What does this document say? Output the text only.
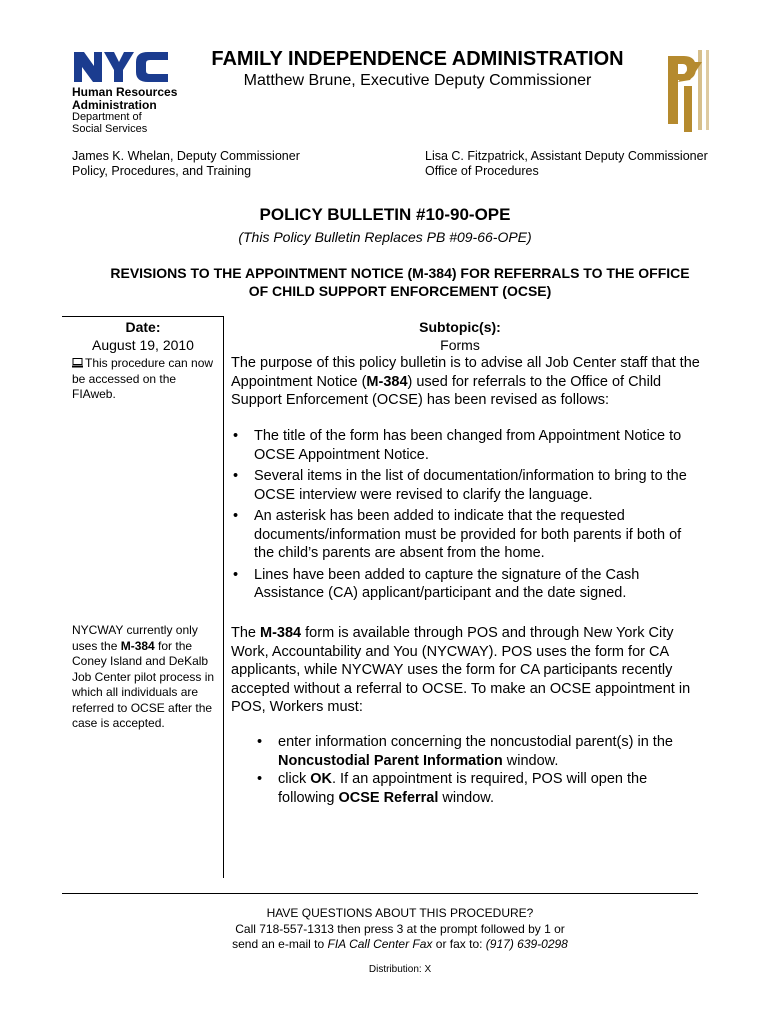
Human Resources
Administration
Department of
Social Services
FAMILY INDEPENDENCE ADMINISTRATION
Matthew Brune, Executive Deputy Commissioner
James K. Whelan, Deputy Commissioner
Policy, Procedures, and Training
Lisa C. Fitzpatrick, Assistant Deputy Commissioner
Office of Procedures
POLICY BULLETIN #10-90-OPE
(This Policy Bulletin Replaces PB #09-66-OPE)
REVISIONS TO THE APPOINTMENT NOTICE (M-384) FOR REFERRALS TO THE OFFICE
OF CHILD SUPPORT ENFORCEMENT (OCSE)
Date:
August 19, 2010
This procedure can now be accessed on the FIAweb.
NYCWAY currently only uses the M-384 for the Coney Island and DeKalb Job Center pilot process in which all individuals are referred to OCSE after the case is accepted.
Subtopic(s):
Forms
The purpose of this policy bulletin is to advise all Job Center staff that the Appointment Notice (M-384) used for referrals to the Office of Child Support Enforcement (OCSE) has been revised as follows:
• The title of the form has been changed from Appointment Notice to OCSE Appointment Notice.
• Several items in the list of documentation/information to bring to the OCSE interview were revised to clarify the language.
• An asterisk has been added to indicate that the requested documents/information must be provided for both parents if both of the child’s parents are absent from the home.
• Lines have been added to capture the signature of the Cash Assistance (CA) applicant/participant and the date signed.
The M-384 form is available through POS and through New York City Work, Accountability and You (NYCWAY). POS uses the form for CA applicants, while NYCWAY uses the form for CA participants recently accepted without a referral to OCSE. To make an OCSE appointment in POS, Workers must:
• enter information concerning the noncustodial parent(s) in the Noncustodial Parent Information window.
• click OK. If an appointment is required, POS will open the following OCSE Referral window.
HAVE QUESTIONS ABOUT THIS PROCEDURE?
Call 718-557-1313 then press 3 at the prompt followed by 1 or
send an e-mail to FIA Call Center Fax or fax to: (917) 639-0298
Distribution: X
